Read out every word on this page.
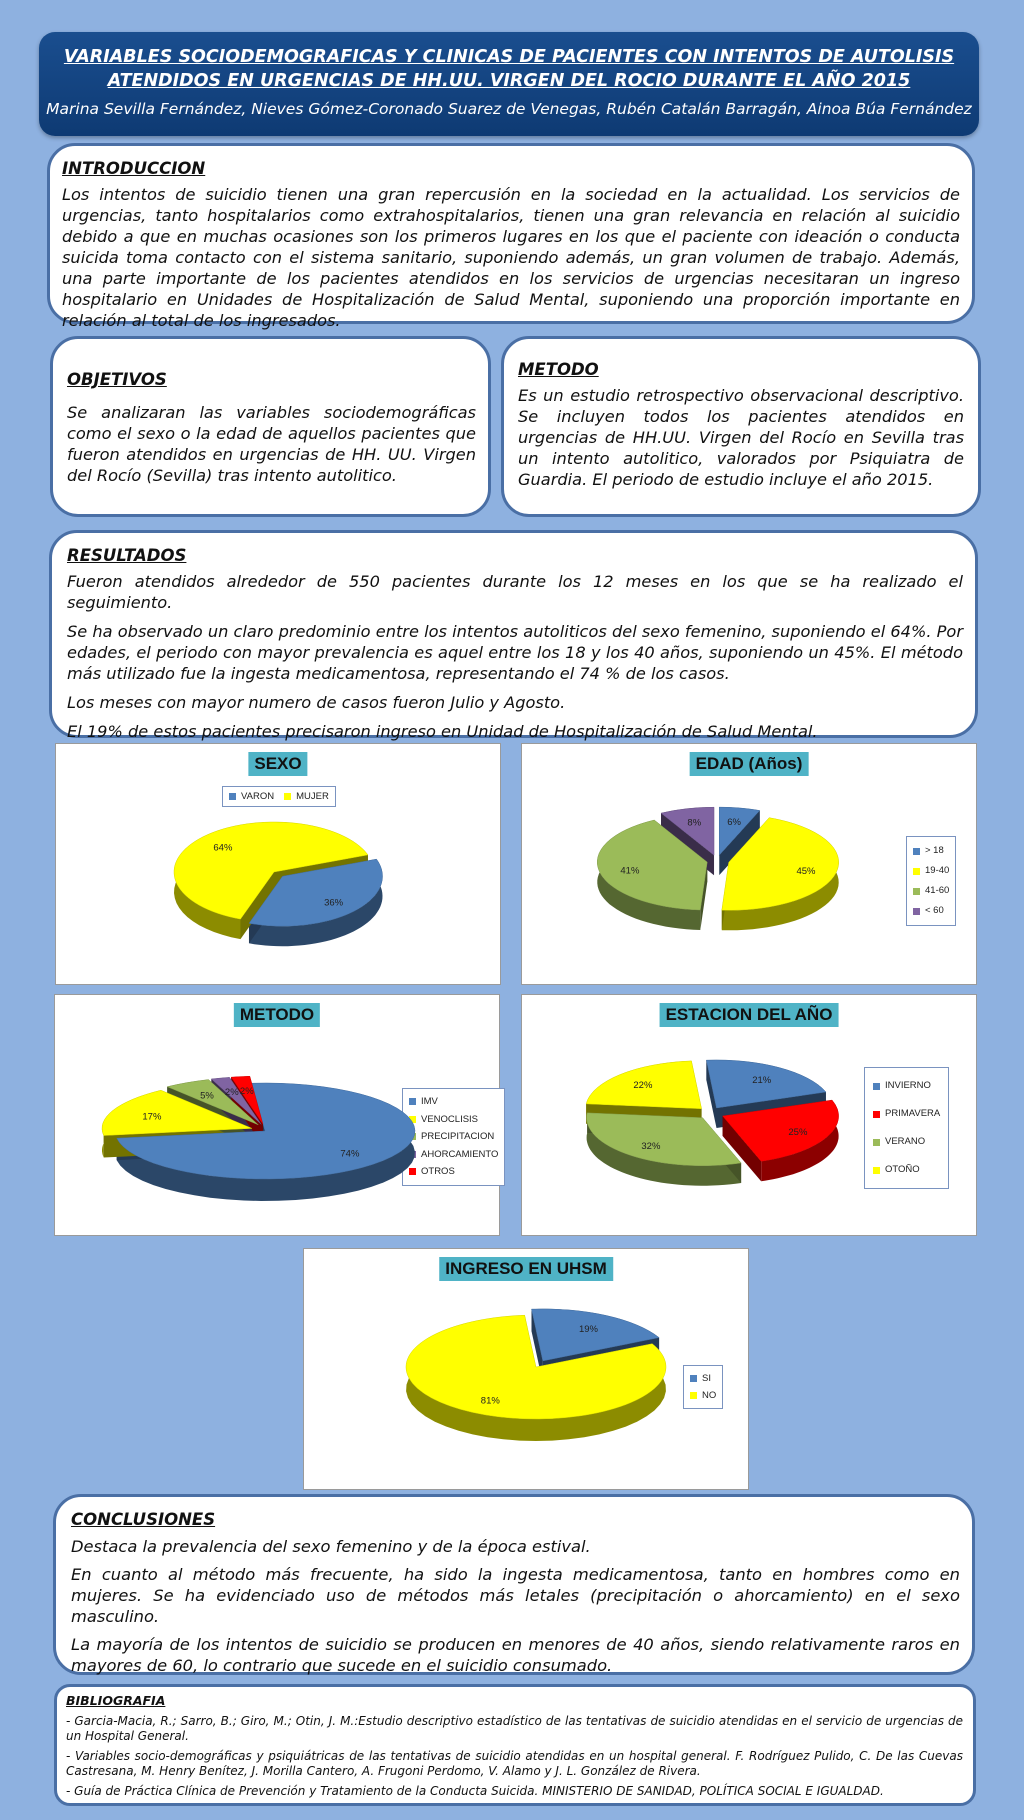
VARIABLES SOCIODEMOGRAFICAS Y CLINICAS DE PACIENTES CON INTENTOS DE AUTOLISIS
ATENDIDOS EN URGENCIAS DE HH.UU. VIRGEN DEL ROCIO DURANTE EL AÑO 2015
Marina Sevilla Fernández, Nieves Gómez-Coronado Suarez de Venegas, Rubén Catalán Barragán, Ainoa Búa Fernández
INTRODUCCION

Los intentos de suicidio tienen una gran repercusión en la sociedad en la actualidad. Los servicios de urgencias, tanto hospitalarios como extrahospitalarios, tienen una gran relevancia en relación al suicidio debido a que en muchas ocasiones son los primeros lugares en los que el paciente con ideación o conducta suicida toma contacto con el sistema sanitario, suponiendo además, un gran volumen de trabajo. Además, una parte importante de los pacientes atendidos en los servicios de urgencias necesitaran un ingreso hospitalario en Unidades de Hospitalización de Salud Mental, suponiendo una proporción importante en relación al total de los ingresados.

OBJETIVOS

Se analizaran las variables sociodemográficas como el sexo o la edad de aquellos pacientes que fueron atendidos en urgencias de HH. UU. Virgen del Rocío (Sevilla) tras intento autolitico.

METODO

Es un estudio retrospectivo observacional descriptivo. Se incluyen todos los pacientes atendidos en urgencias de HH.UU. Virgen del Rocío en Sevilla tras un intento autolitico, valorados por Psiquiatra de Guardia. El periodo de estudio incluye el año 2015.

RESULTADOS

Fueron atendidos alrededor de 550 pacientes durante los 12 meses en los que se ha realizado el seguimiento.

Se ha observado un claro predominio entre los intentos autoliticos del sexo femenino, suponiendo el 64%. Por edades, el periodo con mayor prevalencia es aquel entre los 18 y los 40 años, suponiendo un 45%. El método más utilizado fue la ingesta medicamentosa, representando el 74 % de los casos.

Los meses con mayor numero de casos fueron Julio y Agosto.

El 19% de estos pacientes precisaron ingreso en Unidad de Hospitalización de Salud Mental.

SEXO
VARON MUJER
36%
64%
EDAD (Años)
> 18
19-40
41-60
< 60
6%
45%
41%
8%
METODO
IMV
VENOCLISIS
PRECIPITACION
AHORCAMIENTO
OTROS
74%
17%
5% 2% 2%
ESTACION DEL AÑO
INVIERNO
PRIMAVERA
VERANO
OTOÑO
21%
25%
32%
22%
INGRESO EN UHSM
SI
NO
19%
81%
CONCLUSIONES

Destaca la prevalencia del sexo femenino y de la época estival.

En cuanto al método más frecuente, ha sido la ingesta medicamentosa, tanto en hombres como en mujeres. Se ha evidenciado uso de métodos más letales (precipitación o ahorcamiento) en el sexo masculino.

La mayoría de los intentos de suicidio se producen en menores de 40 años, siendo relativamente raros en mayores de 60, lo contrario que sucede en el suicidio consumado.

BIBLIOGRAFIA

- Garcia-Macia, R.; Sarro, B.; Giro, M.; Otin, J. M.:Estudio descriptivo estadístico de las tentativas de suicidio atendidas en el servicio de urgencias de un Hospital General.

- Variables socio-demográficas y psiquiátricas de las tentativas de suicidio atendidas en un hospital general. F. Rodríguez Pulido, C. De las Cuevas Castresana, M. Henry Benítez, J. Morilla Cantero, A. Frugoni Perdomo, V. Alamo y J. L. González de Rivera.

- Guía de Práctica Clínica de Prevención y Tratamiento de la Conducta Suicida. MINISTERIO DE SANIDAD, POLÍTICA SOCIAL E IGUALDAD.
